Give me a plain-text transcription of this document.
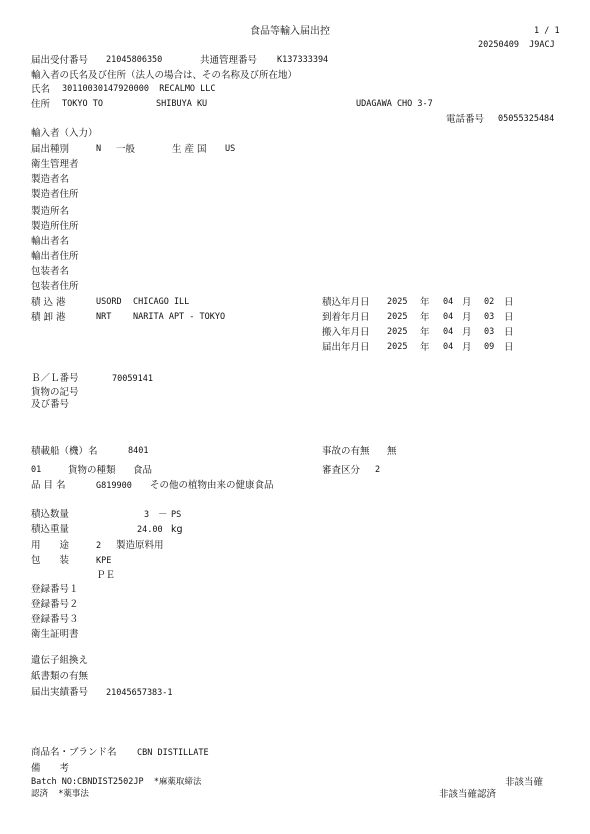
食品等輸入届出控	1 / 1
20250409  J9ACJ
届出受付番号 21045806350	共通管理番号 K137333394
輸入者の氏名及び住所（法人の場合は、その名称及び所在地）
氏名 30110030147920000  RECALMO LLC
住所 TOKYO TO	SHIBUYA KU	UDAGAWA CHO 3-7
電話番号 05055325484
輸入者（入力）
届出種別	N 一般	生 産 国 US
衛生管理者
製造者名
製造者住所
製造所名
製造所住所
輸出者名
輸出者住所
包装者名
包装者住所
積 込 港	USORD CHICAGO ILL
積 卸 港	NRT	NARITA APT - TOKYO
積込年月日 2025 年 04 月 02 日
到着年月日 2025 年 04 月 03 日
搬入年月日 2025 年 04 月 03 日
届出年月日 2025 年 04 月 09 日
Ｂ／Ｌ番号	70059141
貨物の記号
及び番号
積載船（機）名	8401	事故の有無 無
01	貨物の種類 食品	審査区分 2
品 目 名	G819900 その他の植物由来の健康食品
積込数量	3 － PS
積込重量	24.00 kg
用　　途	2 製造原料用
包　　装	KPE
ＰＥ
登録番号１
登録番号２
登録番号３
衛生証明書
遺伝子組換え
紙書類の有無
届出実績番号 21045657383-1
商品名・ブランド名 CBN DISTILLATE
備　　考
Batch NO:CBNDIST2502JP  *麻薬取締法	非該当確
認済  *薬事法	非該当確認済
